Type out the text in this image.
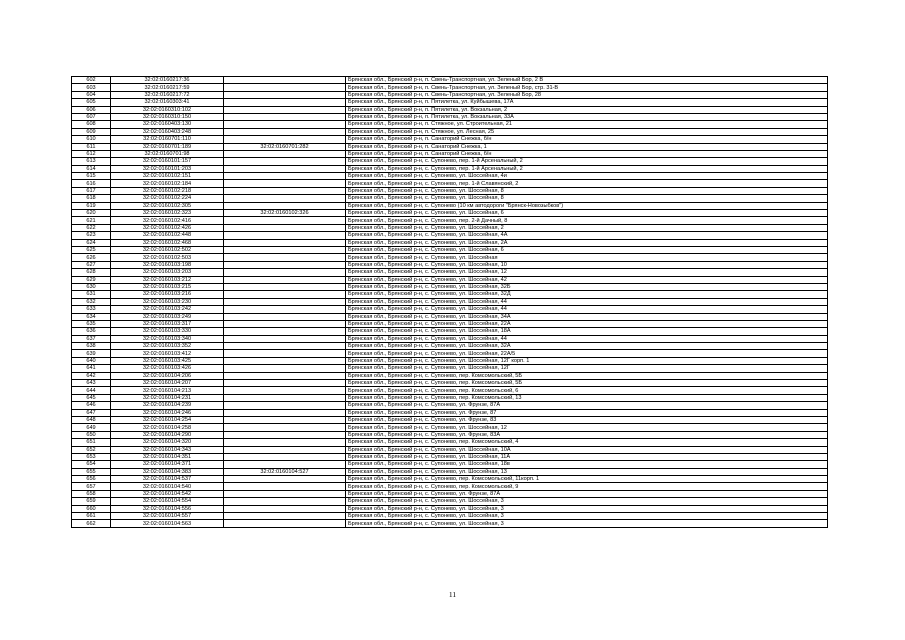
602	32:02:0160217:36		Брянская обл., Брянский р-н, п. Свень-Транспортная, ул. Зеленый Бор, 2 В
603	32:02:0160217:59		Брянская обл., Брянский р-н, п. Свень-Транспортная, ул. Зеленый Бор, стр. 31-В
604	32:02:0160217:72		Брянская обл., Брянский р-н, п. Свень-Транспортная, ул. Зеленый Бор, 28
605	32:02:0160303:41		Брянская обл., Брянский р-н, п. Пятилетка, ул. Куйбышева, 17А
606	32:02:0160310:102		Брянская обл., Брянский р-н, п. Пятилетка, ул. Вокзальная, 2
607	32:02:0160310:150		Брянская обл., Брянский р-н, п. Пятилетка, ул. Вокзальная, 33А
608	32:02:0160403:130		Брянская обл., Брянский р-н, п. Стяжное, ул. Строительная, 21
609	32:02:0160403:248		Брянская обл., Брянский р-н, п. Стяжное, ул. Лесная, 25
610	32:02:0160701:110		Брянская обл., Брянский р-н, п. Санаторий Снежка, б/н
611	32:02:0160701:189	32:02:0160701:282	Брянская обл., Брянский р-н, п. Санаторий Снежка, 1
612	32:02:0160701:98		Брянская обл., Брянский р-н, п. Санаторий Снежка, б/н
613	32:02:0160101:157		Брянская обл., Брянский р-н, с. Супонево, пер. 1-й Арсенальный, 2
614	32:02:0160101:203		Брянская обл., Брянский р-н, с. Супонево, пер. 1-й Арсенальный, 2
615	32:02:0160102:151		Брянская обл., Брянский р-н, с. Супонево, ул. Шоссейная, 4и
616	32:02:0160102:184		Брянская обл., Брянский р-н, с. Супонево, пер. 1-й Славянский, 2
617	32:02:0160102:218		Брянская обл., Брянский р-н, с. Супонево, ул. Шоссейная, 8
618	32:02:0160102:224		Брянская обл., Брянский р-н, с. Супонево, ул. Шоссейная, 8
619	32:02:0160102:305		Брянская обл., Брянский р-н, с. Супонево (10 км автодороги "Брянск-Новозыбков")
620	32:02:0160102:323	32:02:0160102:326	Брянская обл., Брянский р-н, с. Супонево, ул. Шоссейная, 6
621	32:02:0160102:416		Брянская обл., Брянский р-н, с. Супонево, пер. 2-й Дачный, 8
622	32:02:0160102:426		Брянская обл., Брянский р-н, с. Супонево, ул. Шоссейная, 2
623	32:02:0160102:448		Брянская обл., Брянский р-н, с. Супонево, ул. Шоссейная, 4А
624	32:02:0160102:468		Брянская обл., Брянский р-н, с. Супонево, ул. Шоссейная, 2А
625	32:02:0160102:502		Брянская обл., Брянский р-н, с. Супонево, ул. Шоссейная, 6
626	32:02:0160102:503		Брянская обл., Брянский р-н, с. Супонево, ул. Шоссейная
627	32:02:0160103:198		Брянская обл., Брянский р-н, с. Супонево, ул. Шоссейная, 10
628	32:02:0160103:203		Брянская обл., Брянский р-н, с. Супонево, ул. Шоссейная, 12
629	32:02:0160103:212		Брянская обл., Брянский р-н, с. Супонево, ул. Шоссейная, 42
630	32:02:0160103:215		Брянская обл., Брянский р-н, с. Супонево, ул. Шоссейная, 32Б
631	32:02:0160103:216		Брянская обл., Брянский р-н, с. Супонево, ул. Шоссейная, 32Д
632	32:02:0160103:230		Брянская обл., Брянский р-н, с. Супонево, ул. Шоссейная, 44
633	32:02:0160103:242		Брянская обл., Брянский р-н, с. Супонево, ул. Шоссейная, 44
634	32:02:0160103:249		Брянская обл., Брянский р-н, с. Супонево, ул. Шоссейная, 34А
635	32:02:0160103:317		Брянская обл., Брянский р-н, с. Супонево, ул. Шоссейная, 22А
636	32:02:0160103:330		Брянская обл., Брянский р-н, с. Супонево, ул. Шоссейная, 18А
637	32:02:0160103:340		Брянская обл., Брянский р-н, с. Супонево, ул. Шоссейная, 44
638	32:02:0160103:352		Брянская обл., Брянский р-н, с. Супонево, ул. Шоссейная, 32А
639	32:02:0160103:412		Брянская обл., Брянский р-н, с. Супонево, ул. Шоссейная, 22А/5
640	32:02:0160103:425		Брянская обл., Брянский р-н, с. Супонево, ул. Шоссейная, 12Г корп. 1
641	32:02:0160103:426		Брянская обл., Брянский р-н, с. Супонево, ул. Шоссейная, 12Г
642	32:02:0160104:206		Брянская обл., Брянский р-н, с. Супонево, пер. Комсомольский, 5Б
643	32:02:0160104:207		Брянская обл., Брянский р-н, с. Супонево, пер. Комсомольский, 5Б
644	32:02:0160104:213		Брянская обл., Брянский р-н, с. Супонево, пер. Комсомольский, 6
645	32:02:0160104:231		Брянская обл., Брянский р-н, с. Супонево, пер. Комсомольский, 13
646	32:02:0160104:239		Брянская обл., Брянский р-н, с. Супонево, ул. Фрунзе, 87А
647	32:02:0160104:246		Брянская обл., Брянский р-н, с. Супонево, ул. Фрунзе, 87
648	32:02:0160104:254		Брянская обл., Брянский р-н, с. Супонево, ул. Фрунзе, 83
649	32:02:0160104:258		Брянская обл., Брянский р-н, с. Супонево, ул. Шоссейная, 12
650	32:02:0160104:290		Брянская обл., Брянский р-н, с. Супонево, ул. Фрунзе, 83А
651	32:02:0160104:320		Брянская обл., Брянский р-н, с. Супонево, пер. Комсомольский, 4
652	32:02:0160104:343		Брянская обл., Брянский р-н, с. Супонево, ул. Шоссейная, 10А
653	32:02:0160104:351		Брянская обл., Брянский р-н, с. Супонево, ул. Шоссейная, 11А
654	32:02:0160104:371		Брянская обл., Брянский р-н, с. Супонево, ул. Шоссейная, 18в
655	32:02:0160104:383	32:02:0160104:527	Брянская обл., Брянский р-н, с. Супонево, ул. Шоссейная, 13
656	32:02:0160104:537		Брянская обл., Брянский р-н, с. Супонево, пер. Комсомольский, 11корп. 1
657	32:02:0160104:540		Брянская обл., Брянский р-н, с. Супонево, пер. Комсомольский, 9
658	32:02:0160104:542		Брянская обл., Брянский р-н, с. Супонево, ул. Фрунзе, 87А
659	32:02:0160104:554		Брянская обл., Брянский р-н, с. Супонево, ул. Шоссейная, 3
660	32:02:0160104:556		Брянская обл., Брянский р-н, с. Супонево, ул. Шоссейная, 3
661	32:02:0160104:557		Брянская обл., Брянский р-н, с. Супонево, ул. Шоссейная, 3
662	32:02:0160104:563		Брянская обл., Брянский р-н, с. Супонево, ул. Шоссейная, 3
11
